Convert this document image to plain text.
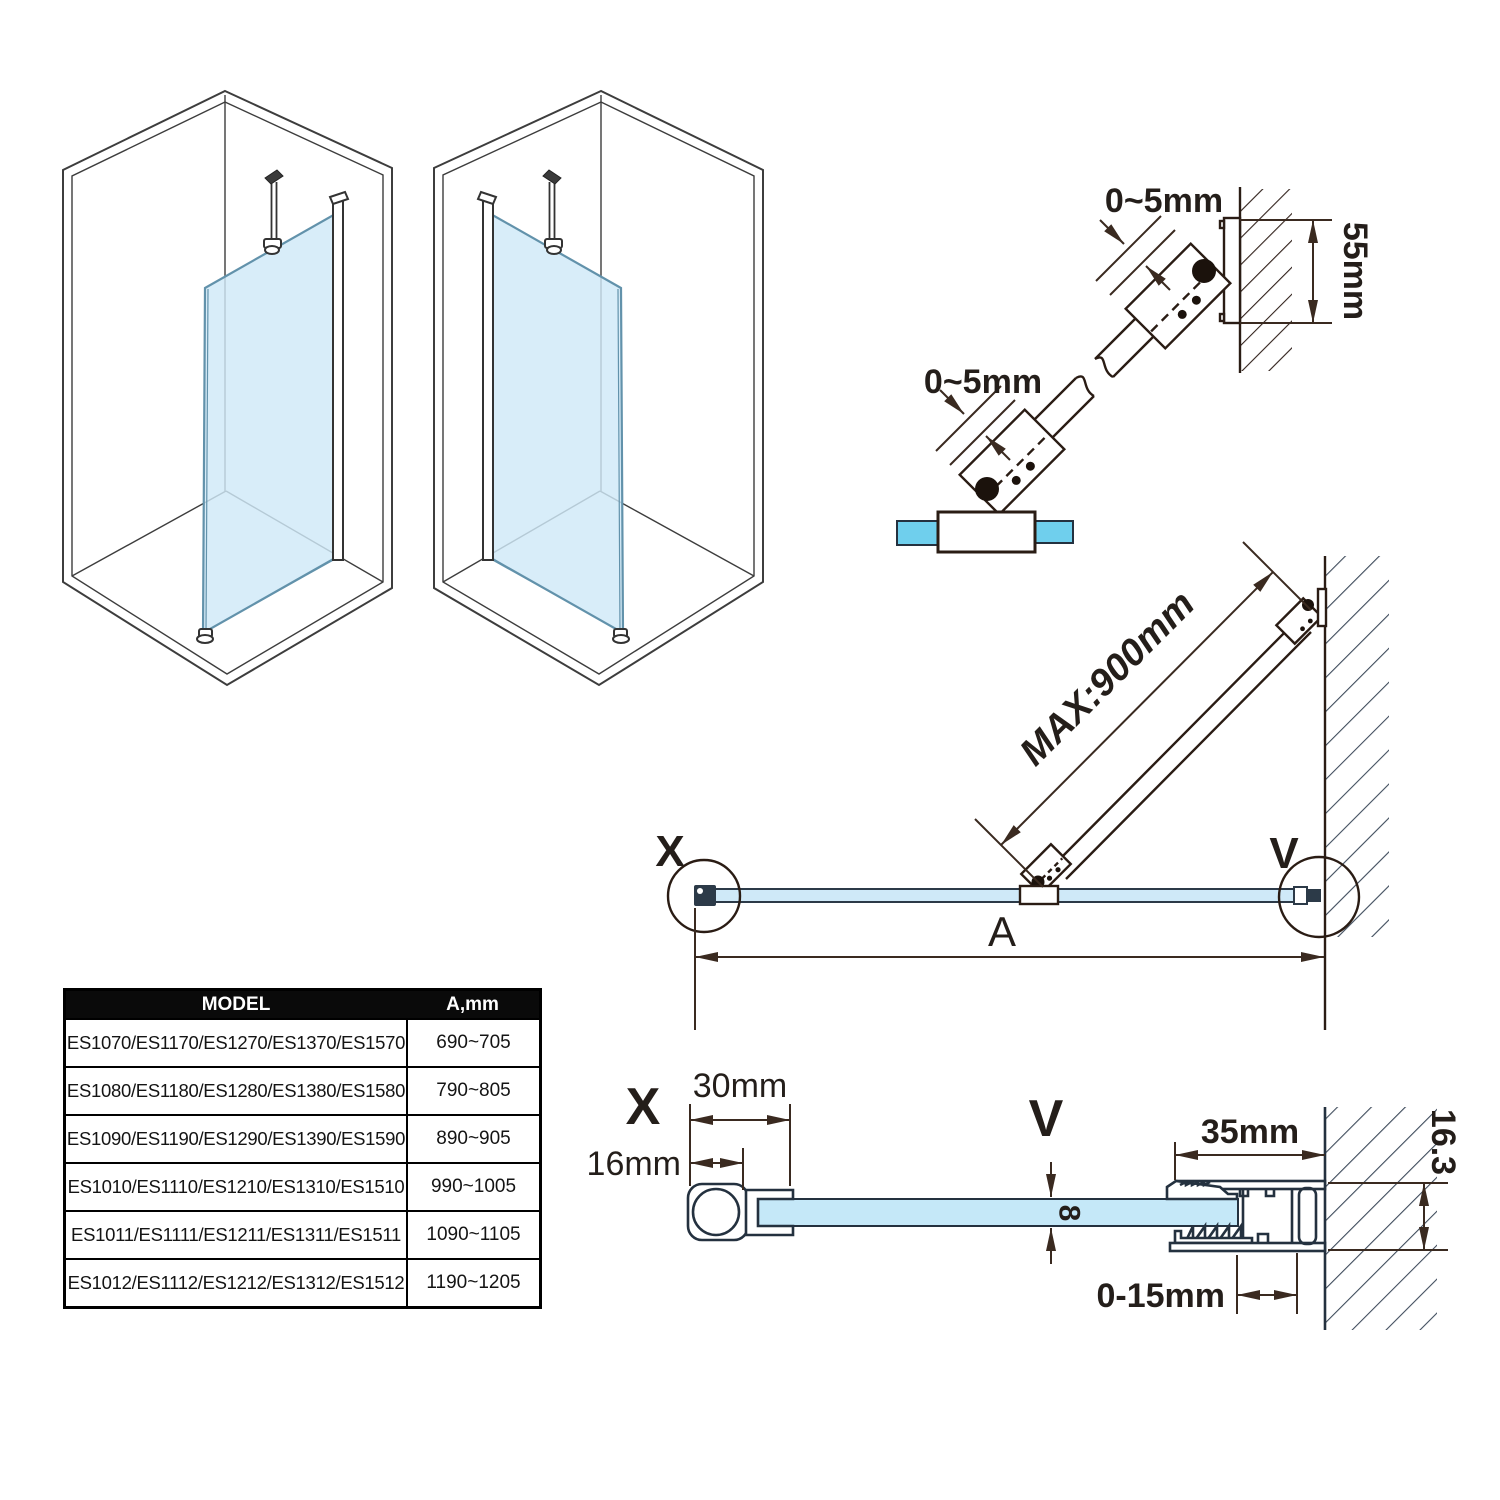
0~5mm
0~5mm
55mm
MAX:900mm
X	V
A
X 30mm
16mm
V	35mm	16.3
8
0-15mm
MODEL	A,mm
ES1070/ES1170/ES1270/ES1370/ES1570	690~705
ES1080/ES1180/ES1280/ES1380/ES1580	790~805
ES1090/ES1190/ES1290/ES1390/ES1590	890~905
ES1010/ES1110/ES1210/ES1310/ES1510	990~1005
ES1011/ES1111/ES1211/ES1311/ES1511	1090~1105
ES1012/ES1112/ES1212/ES1312/ES1512	1190~1205
